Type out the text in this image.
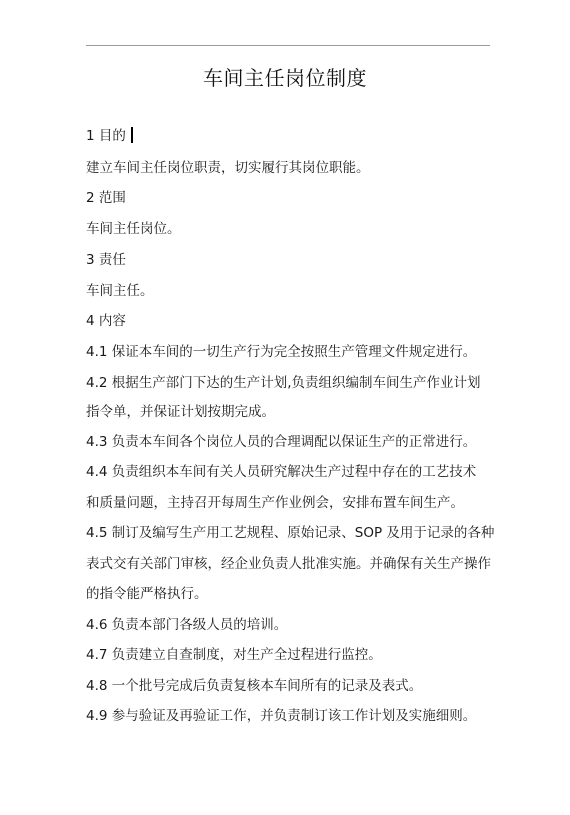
车间主任岗位制度
1 目的
建立车间主任岗位职责，切实履行其岗位职能。
2 范围
车间主任岗位。
3 责任
车间主任。
4 内容
4.1 保证本车间的一切生产行为完全按照生产管理文件规定进行。
4.2 根据生产部门下达的生产计划,负责组织编制车间生产作业计划
指令单，并保证计划按期完成。
4.3 负责本车间各个岗位人员的合理调配以保证生产的正常进行。
4.4 负责组织本车间有关人员研究解决生产过程中存在的工艺技术
和质量问题，主持召开每周生产作业例会，安排布置车间生产。
4.5 制订及编写生产用工艺规程、原始记录、SOP 及用于记录的各种
表式交有关部门审核，经企业负责人批准实施。并确保有关生产操作
的指令能严格执行。
4.6 负责本部门各级人员的培训。
4.7 负责建立自查制度，对生产全过程进行监控。
4.8 一个批号完成后负责复核本车间所有的记录及表式。
4.9 参与验证及再验证工作，并负责制订该工作计划及实施细则。
